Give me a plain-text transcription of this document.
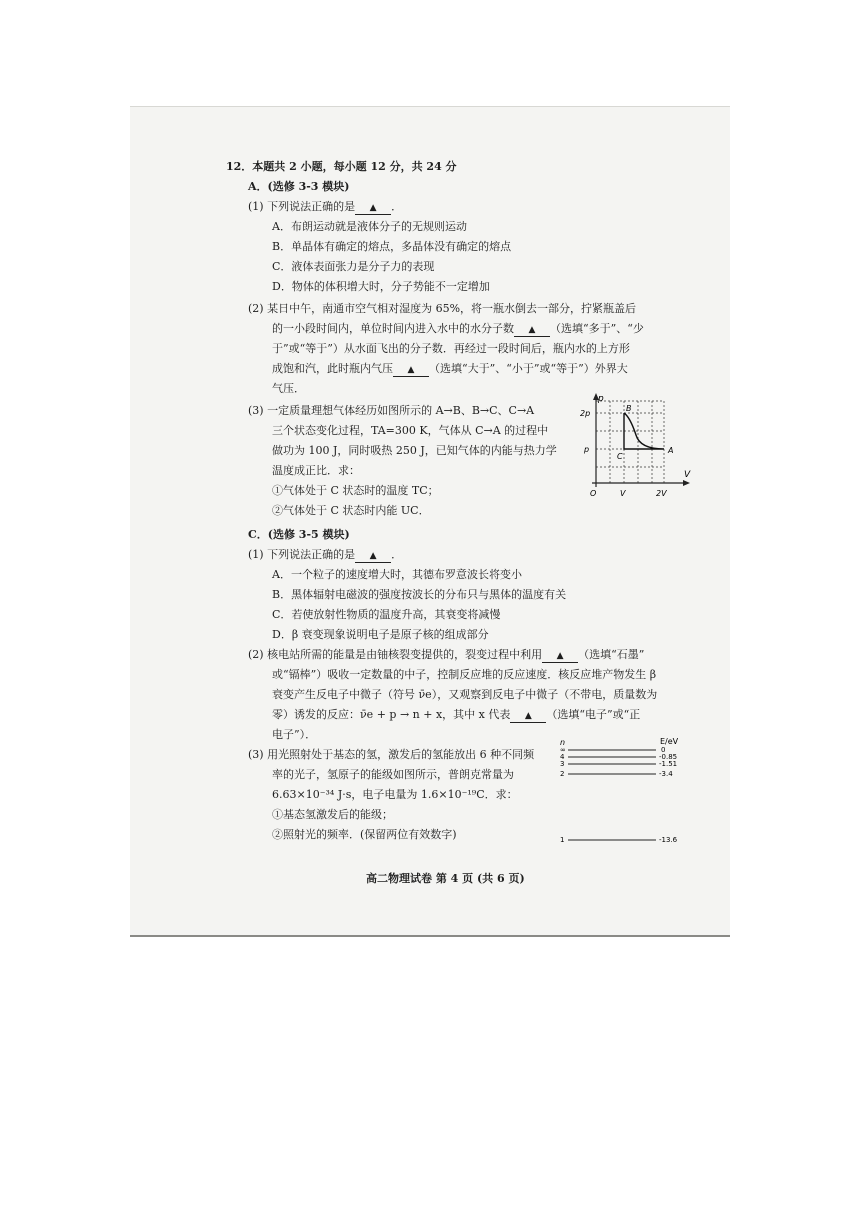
12．本题共 2 小题，每小题 12 分，共 24 分
A．(选修 3-3 模块)
(1) 下列说法正确的是 ▲ ．
A．布朗运动就是液体分子的无规则运动
B．单晶体有确定的熔点，多晶体没有确定的熔点
C．液体表面张力是分子力的表现
D．物体的体积增大时，分子势能不一定增加
(2) 某日中午，南通市空气相对湿度为 65%，将一瓶水倒去一部分，拧紧瓶盖后
的一小段时间内，单位时间内进入水中的水分子数 ▲ （选填“多于”、“少
于”或“等于”）从水面飞出的分子数．再经过一段时间后，瓶内水的上方形
成饱和汽，此时瓶内气压 ▲ （选填“大于”、“小于”或“等于”）外界大
气压．
(3) 一定质量理想气体经历如图所示的 A→B、B→C、C→A
三个状态变化过程，TA=300 K，气体从 C→A 的过程中
做功为 100 J，同时吸热 250 J，已知气体的内能与热力学
温度成正比．求：
①气体处于 C 状态时的温度 TC；
②气体处于 C 状态时内能 UC．
p
V
2p
p
O	V	2V
B
C
A
C．(选修 3-5 模块)
(1) 下列说法正确的是 ▲ ．
A．一个粒子的速度增大时，其德布罗意波长将变小
B．黑体辐射电磁波的强度按波长的分布只与黑体的温度有关
C．若使放射性物质的温度升高，其衰变将减慢
D．β 衰变现象说明电子是原子核的组成部分
(2) 核电站所需的能量是由铀核裂变提供的，裂变过程中利用 ▲ （选填“石墨”
或“镉棒”）吸收一定数量的中子，控制反应堆的反应速度．核反应堆产物发生 β
衰变产生反电子中微子（符号 ν̄e），又观察到反电子中微子（不带电，质量数为
零）诱发的反应：ν̄e + p → n + x，其中 x 代表 ▲ （选填“电子”或“正
电子”）．
(3) 用光照射处于基态的氢，激发后的氢能放出 6 种不同频
率的光子，氢原子的能级如图所示，普朗克常量为
6.63×10⁻³⁴ J·s，电子电量为 1.6×10⁻¹⁹C．求：
①基态氢激发后的能级；
②照射光的频率．(保留两位有效数字)
n	E/eV
∞	0
4	-0.85
3	-1.51
2	-3.4
1	-13.6
高二物理试卷 第 4 页 (共 6 页)
